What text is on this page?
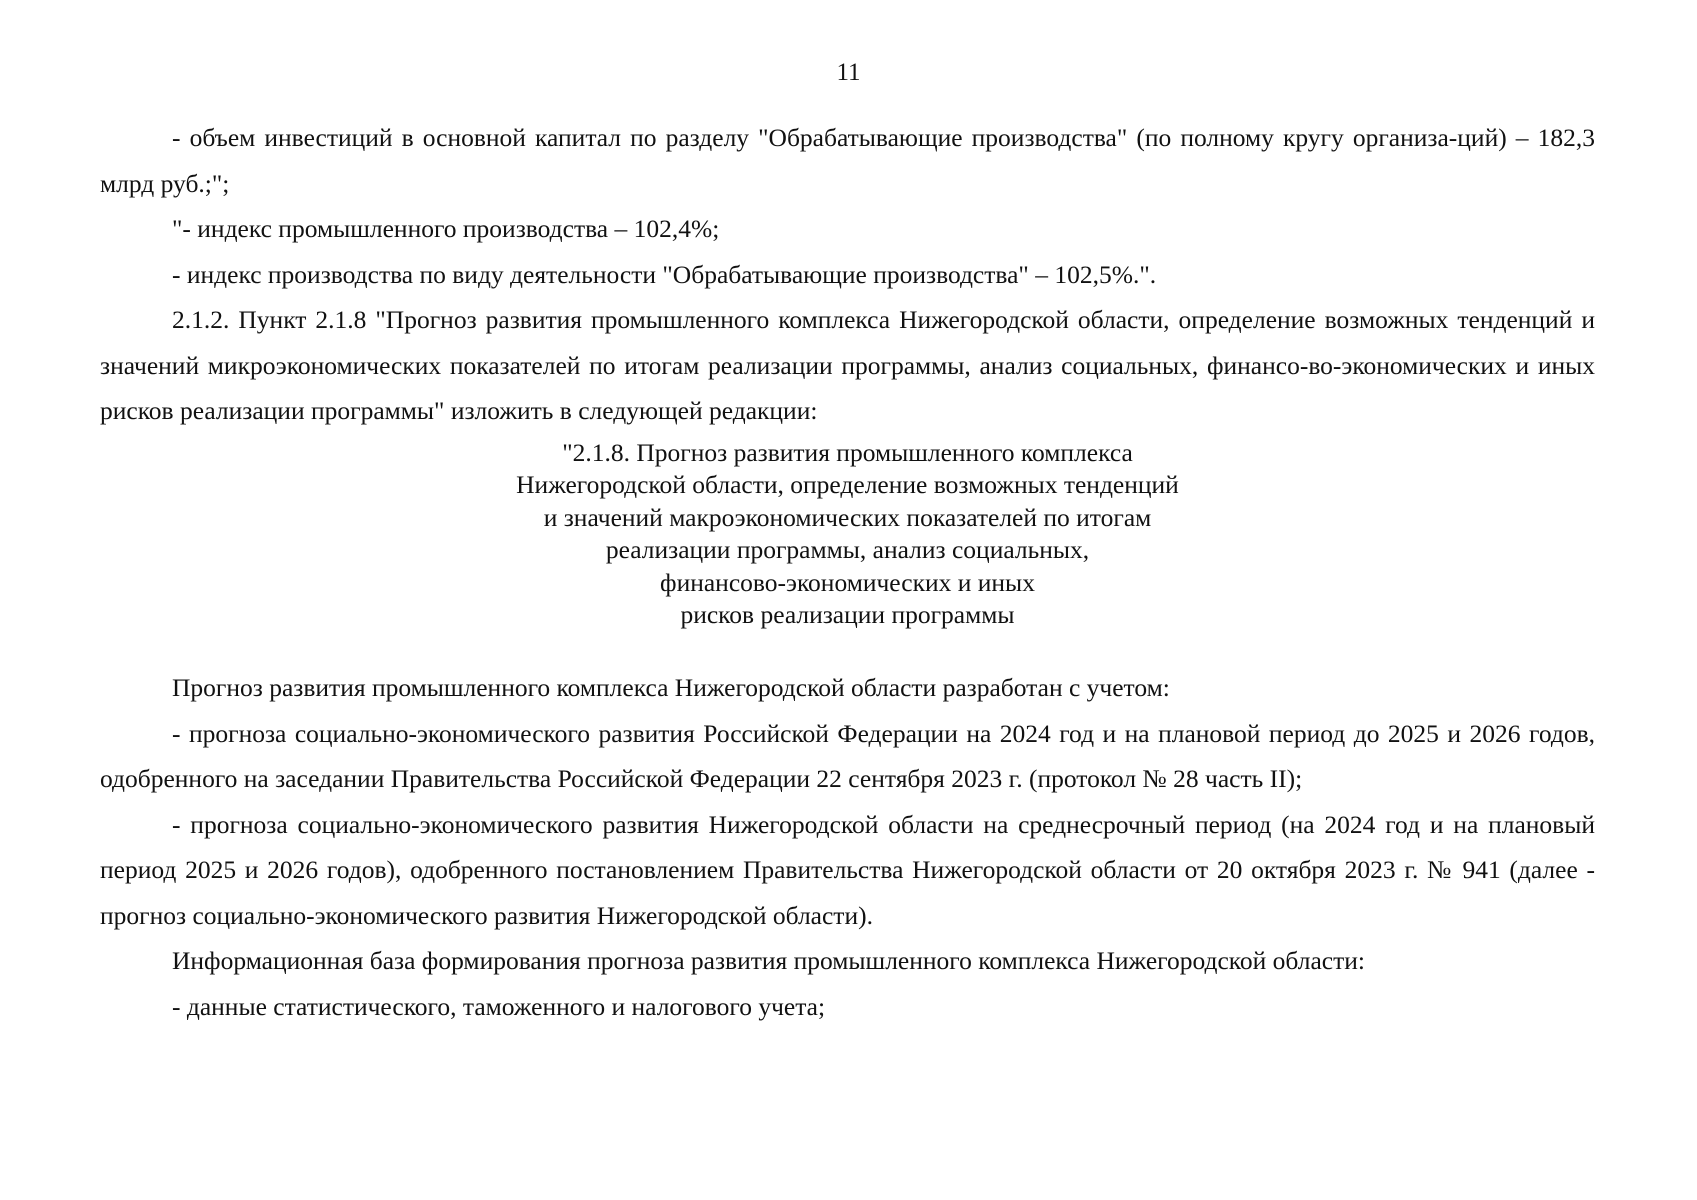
11

- объем инвестиций в основной капитал по разделу "Обрабатывающие производства" (по полному кругу организа-ций) – 182,3 млрд руб.;";

"- индекс промышленного производства – 102,4%;

- индекс производства по виду деятельности "Обрабатывающие производства" – 102,5%.".

2.1.2. Пункт 2.1.8 "Прогноз развития промышленного комплекса Нижегородской области, определение возможных тенденций и значений микроэкономических показателей по итогам реализации программы, анализ социальных, финансо-во-экономических и иных рисков реализации программы" изложить в следующей редакции:

"2.1.8. Прогноз развития промышленного комплекса
Нижегородской области, определение возможных тенденций
и значений макроэкономических показателей по итогам
реализации программы, анализ социальных,
финансово-экономических и иных
рисков реализации программы

Прогноз развития промышленного комплекса Нижегородской области разработан с учетом:

- прогноза социально-экономического развития Российской Федерации на 2024 год и на плановой период до 2025 и 2026 годов, одобренного на заседании Правительства Российской Федерации 22 сентября 2023 г. (протокол № 28 часть II);

- прогноза социально-экономического развития Нижегородской области на среднесрочный период (на 2024 год и на плановый период 2025 и 2026 годов), одобренного постановлением Правительства Нижегородской области от 20 октября 2023 г. № 941 (далее - прогноз социально-экономического развития Нижегородской области).

Информационная база формирования прогноза развития промышленного комплекса Нижегородской области:

- данные статистического, таможенного и налогового учета;
